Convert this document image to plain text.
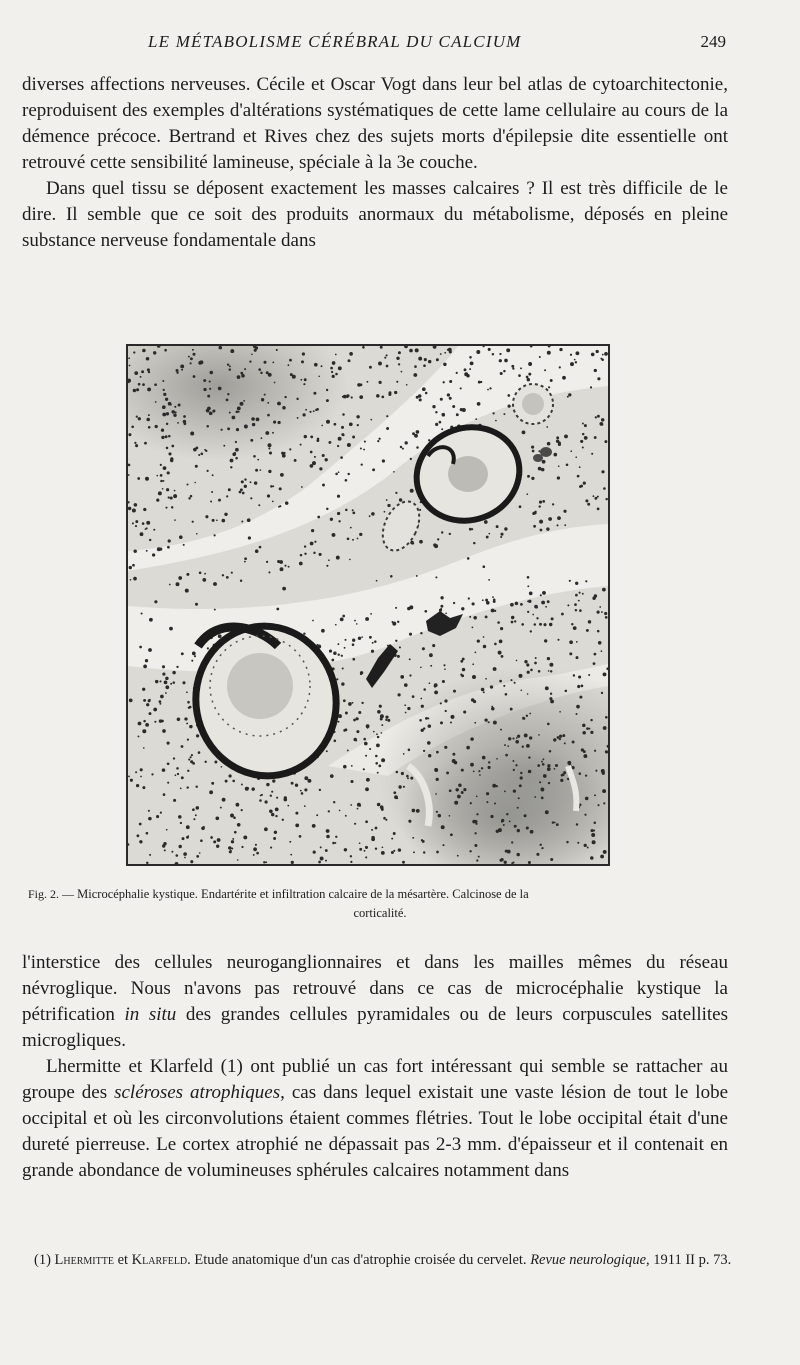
LE MÉTABOLISME CÉRÉBRAL DU CALCIUM	249

diverses affections nerveuses. Cécile et Oscar Vogt dans leur bel atlas de cytoarchitectonie, reproduisent des exemples d'altérations systématiques de cette lame cellulaire au cours de la démence précoce. Bertrand et Rives chez des sujets morts d'épilepsie dite essentielle ont retrouvé cette sensibilité lamineuse, spéciale à la 3e couche.

Dans quel tissu se déposent exactement les masses calcaires ? Il est très difficile de le dire. Il semble que ce soit des produits anormaux du métabolisme, déposés en pleine substance nerveuse fondamentale dans

Fig. 2. — Microcéphalie kystique. Endartérite et infiltration calcaire de la mésartère. Calcinose de la
corticalité.

l'interstice des cellules neuroganglionnaires et dans les mailles mêmes du réseau névroglique. Nous n'avons pas retrouvé dans ce cas de microcéphalie kystique la pétrification in situ des grandes cellules pyramidales ou de leurs corpuscules satellites microgliques.

Lhermitte et Klarfeld (1) ont publié un cas fort intéressant qui semble se rattacher au groupe des scléroses atrophiques, cas dans lequel existait une vaste lésion de tout le lobe occipital et où les circonvolutions étaient commes flétries. Tout le lobe occipital était d'une dureté pierreuse. Le cortex atrophié ne dépassait pas 2-3 mm. d'épaisseur et il contenait en grande abondance de volumineuses sphérules calcaires notamment dans

(1) Lhermitte et Klarfeld. Etude anatomique d'un cas d'atrophie croisée du cervelet. Revue neurologique, 1911 II p. 73.
